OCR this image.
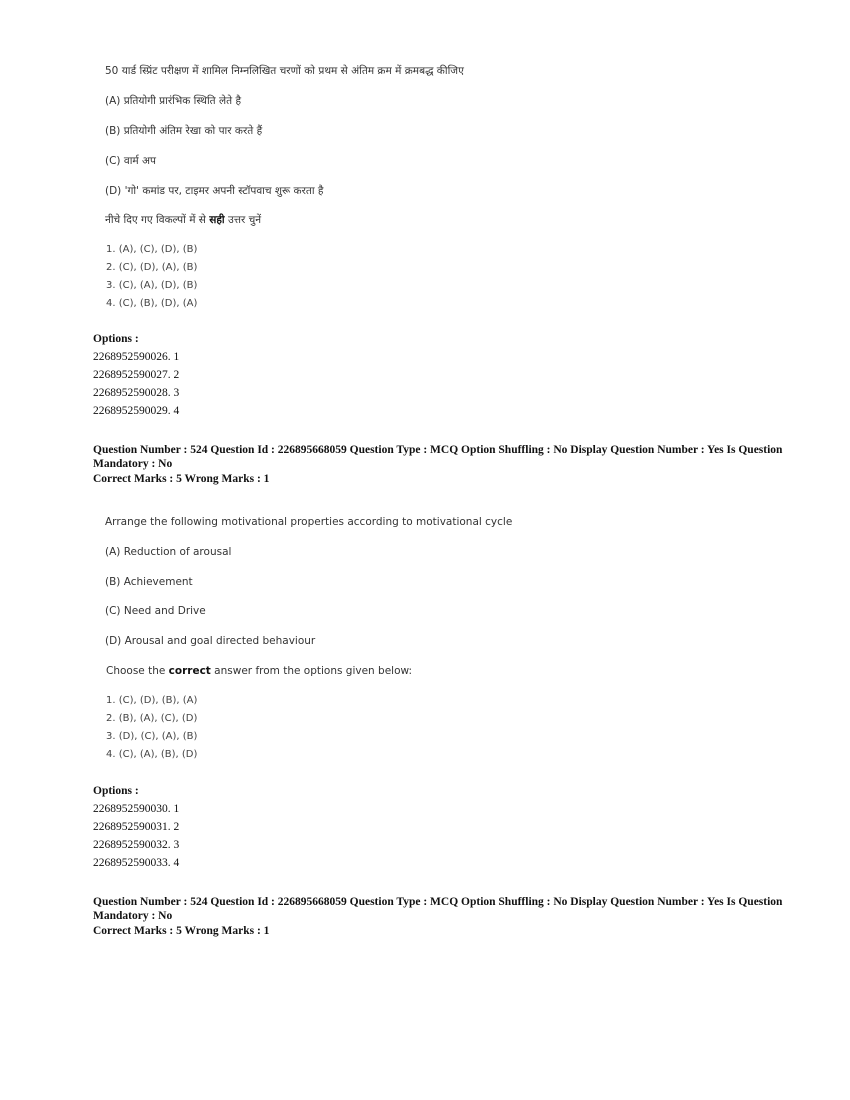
50 यार्ड स्प्रिंट परीक्षण में शामिल निम्नलिखित चरणों को प्रथम से अंतिम क्रम में क्रमबद्ध कीजिए
(A) प्रतियोगी प्रारंभिक स्थिति लेते है
(B) प्रतियोगी अंतिम रेखा को पार करते हैं
(C) वार्म अप
(D) 'गो' कमांड पर, टाइमर अपनी स्टॉपवाच शुरू करता है
नीचे दिए गए विकल्पों में से सही उत्तर चुनें
1. (A), (C), (D), (B)
2. (C), (D), (A), (B)
3. (C), (A), (D), (B)
4. (C), (B), (D), (A)
Options :
2268952590026. 1
2268952590027. 2
2268952590028. 3
2268952590029. 4
Question Number : 524 Question Id : 226895668059 Question Type : MCQ Option Shuffling : No Display Question Number : Yes Is Question Mandatory : No
Correct Marks : 5 Wrong Marks : 1
Arrange the following motivational properties according to motivational cycle
(A) Reduction of arousal
(B) Achievement
(C) Need and Drive
(D) Arousal and goal directed behaviour
Choose the correct answer from the options given below:
1. (C), (D), (B), (A)
2. (B), (A), (C), (D)
3. (D), (C), (A), (B)
4. (C), (A), (B), (D)
Options :
2268952590030. 1
2268952590031. 2
2268952590032. 3
2268952590033. 4
Question Number : 524 Question Id : 226895668059 Question Type : MCQ Option Shuffling : No Display Question Number : Yes Is Question Mandatory : No
Correct Marks : 5 Wrong Marks : 1
